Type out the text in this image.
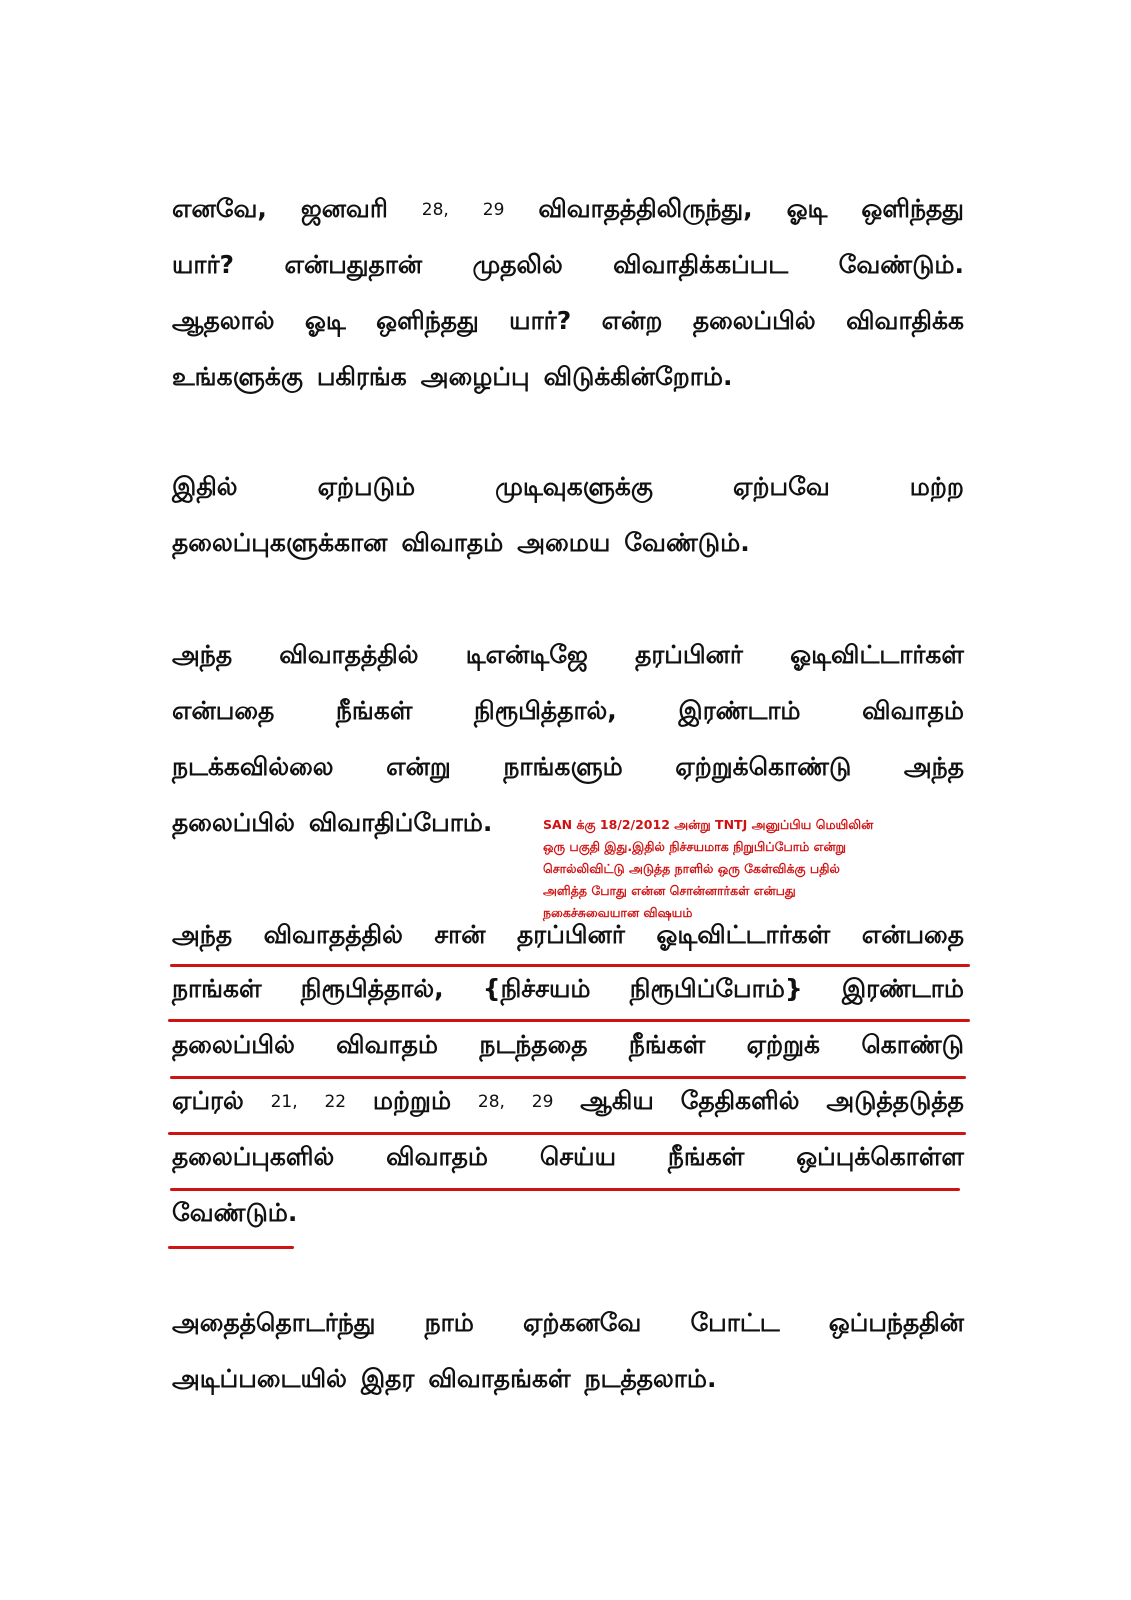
எனவே, ஜனவரி 28, 29 விவாதத்திலிருந்து, ஓடி ஒளிந்தது
யார்? என்பதுதான் முதலில் விவாதிக்கப்பட வேண்டும்.
ஆதலால் ஓடி ஒளிந்தது யார்? என்ற தலைப்பில் விவாதிக்க
உங்களுக்கு பகிரங்க அழைப்பு விடுக்கின்றோம்.
இதில்	ஏற்படும்	முடிவுகளுக்கு	ஏற்பவே	மற்ற
தலைப்புகளுக்கான விவாதம் அமைய வேண்டும்.
அந்த விவாதத்தில் டிஎன்டிஜே தரப்பினர் ஓடிவிட்டார்கள்
என்பதை நீங்கள் நிரூபித்தால், இரண்டாம் விவாதம்
நடக்கவில்லை என்று நாங்களும் ஏற்றுக்கொண்டு அந்த
தலைப்பில் விவாதிப்போம்.	SAN க்கு 18/2/2012 அன்று TNTJ அனுப்பிய மெயிலின்
ஒரு பகுதி இது.இதில் நிச்சயமாக நிறுபிப்போம் என்று
சொல்லிவிட்டு அடுத்த நாளில் ஒரு கேள்விக்கு பதில்
அளித்த போது என்ன சொன்னார்கள் என்பது
நகைச்சுவையான விஷயம்
அந்த விவாதத்தில் சான் தரப்பினர் ஓடிவிட்டார்கள் என்பதை
நாங்கள் நிரூபித்தால், {நிச்சயம் நிரூபிப்போம்} இரண்டாம்
தலைப்பில் விவாதம் நடந்ததை நீங்கள் ஏற்றுக் கொண்டு
ஏப்ரல் 21, 22 மற்றும் 28, 29 ஆகிய தேதிகளில் அடுத்தடுத்த
தலைப்புகளில் விவாதம் செய்ய நீங்கள் ஒப்புக்கொள்ள
வேண்டும்.
அதைத்தொடர்ந்து நாம் ஏற்கனவே போட்ட ஒப்பந்ததின்
அடிப்படையில் இதர விவாதங்கள் நடத்தலாம்.
